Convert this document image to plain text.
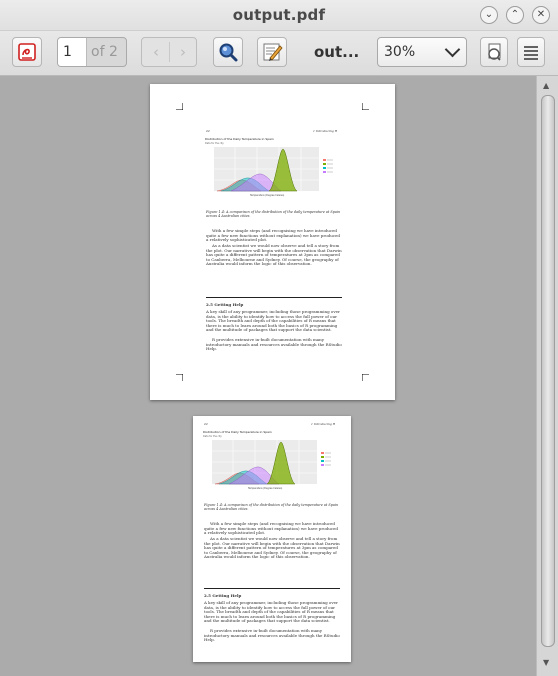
output.pdf	⌄	⌃	✕
1	of 2 ‹ ›	out... 30%
22	1 Introducing R
Distribution of the Daily Temperature in Spain
Data for the city
Temperature (Degree Celsius)
Figure 1.4: A comparison of the distribution of the daily temperature at Spain across 4 Australian cities.
With a few simple steps (and recognising we have introduced quite a few new functions without explanation) we have produced a relatively sophisticated plot.
As a data scientist we would now observe and tell a story from the plot. Our narrative will begin with the observation that Darwin has quite a different pattern of temperatures at 3pm as compared to Canberra, Melbourne and Sydney. Of course, the geography of Australia would inform the logic of this observation.
2.5 Getting Help
A key skill of any programmer, including those programming over data, is the ability to identify how to access the full power of our tools. The breadth and depth of the capabilities of R means that there is much to learn around both the basics of R programming and the multitude of packages that support the data scientist.
R provides extensive in-built documentation with many introductory manuals and resources available through the RStudio Help.
22	1 Introducing R
Distribution of the Daily Temperature in Spain
Data for the city
Temperature (Degree Celsius)
Figure 1.4: A comparison of the distribution of the daily temperature at Spain across 4 Australian cities.
With a few simple steps (and recognising we have introduced quite a few new functions without explanation) we have produced a relatively sophisticated plot.
As a data scientist we would now observe and tell a story from the plot. Our narrative will begin with the observation that Darwin has quite a different pattern of temperatures at 3pm as compared to Canberra, Melbourne and Sydney. Of course, the geography of Australia would inform the logic of this observation.
2.5 Getting Help
A key skill of any programmer, including those programming over data, is the ability to identify how to access the full power of our tools. The breadth and depth of the capabilities of R means that there is much to learn around both the basics of R programming and the multitude of packages that support the data scientist.
R provides extensive in-built documentation with many introductory manuals and resources available through the RStudio Help.
▲
▼
